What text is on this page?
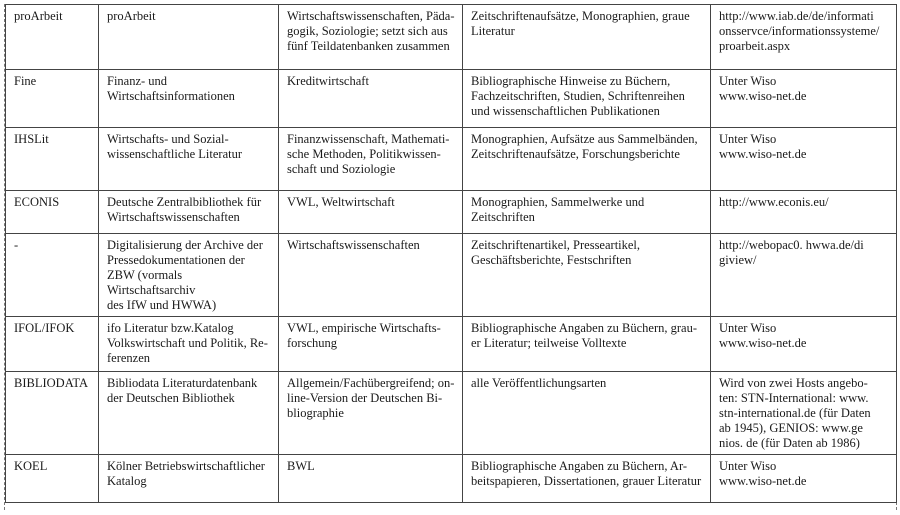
proArbeit	proArbeit	Wirtschaftswissenschaften, Päda-
gogik, Soziologie; setzt sich aus
fünf Teildatenbanken zusammen	Zeitschriftenaufsätze, Monographien, graue
Literatur	http://www.iab.de/de/informati
onsservce/informationssysteme/
proarbeit.aspx

Fine	Finanz- und
Wirtschaftsinformationen	Kreditwirtschaft	Bibliographische Hinweise zu Büchern,
Fachzeitschriften, Studien, Schriftenreihen
und wissenschaftlichen Publikationen	Unter Wiso
www.wiso-net.de

IHSLit	Wirtschafts- und Sozial-
wissenschaftliche Literatur	Finanzwissenschaft, Mathemati-
sche Methoden, Politikwissen-
schaft und Soziologie	Monographien, Aufsätze aus Sammelbänden,
Zeitschriftenaufsätze, Forschungsberichte	Unter Wiso
www.wiso-net.de

ECONIS	Deutsche Zentralbibliothek für
Wirtschaftswissenschaften	VWL, Weltwirtschaft	Monographien, Sammelwerke und
Zeitschriften	http://www.econis.eu/

-	Digitalisierung der Archive der
Pressedokumentationen der
ZBW (vormals Wirtschaftsarchiv
des IfW und HWWA)	Wirtschaftswissenschaften	Zeitschriftenartikel, Presseartikel,
Geschäftsberichte, Festschriften	http://webopac0. hwwa.de/di
giview/

IFOL/IFOK	ifo Literatur bzw.Katalog
Volkswirtschaft und Politik, Re-
ferenzen	VWL, empirische Wirtschafts-
forschung	Bibliographische Angaben zu Büchern, grau-
er Literatur; teilweise Volltexte	Unter Wiso
www.wiso-net.de

BIBLIODATA	Bibliodata Literaturdatenbank
der Deutschen Bibliothek	Allgemein/Fachübergreifend; on-
line-Version der Deutschen Bi-
bliographie	alle Veröffentlichungsarten	Wird von zwei Hosts angebo-
ten: STN-International: www.
stn-international.de (für Daten
ab 1945), GENIOS: www.ge
nios. de (für Daten ab 1986)

KOEL	Kölner Betriebswirtschaftlicher
Katalog	BWL	Bibliographische Angaben zu Büchern, Ar-
beitspapieren, Dissertationen, grauer Literatur	Unter Wiso
www.wiso-net.de
